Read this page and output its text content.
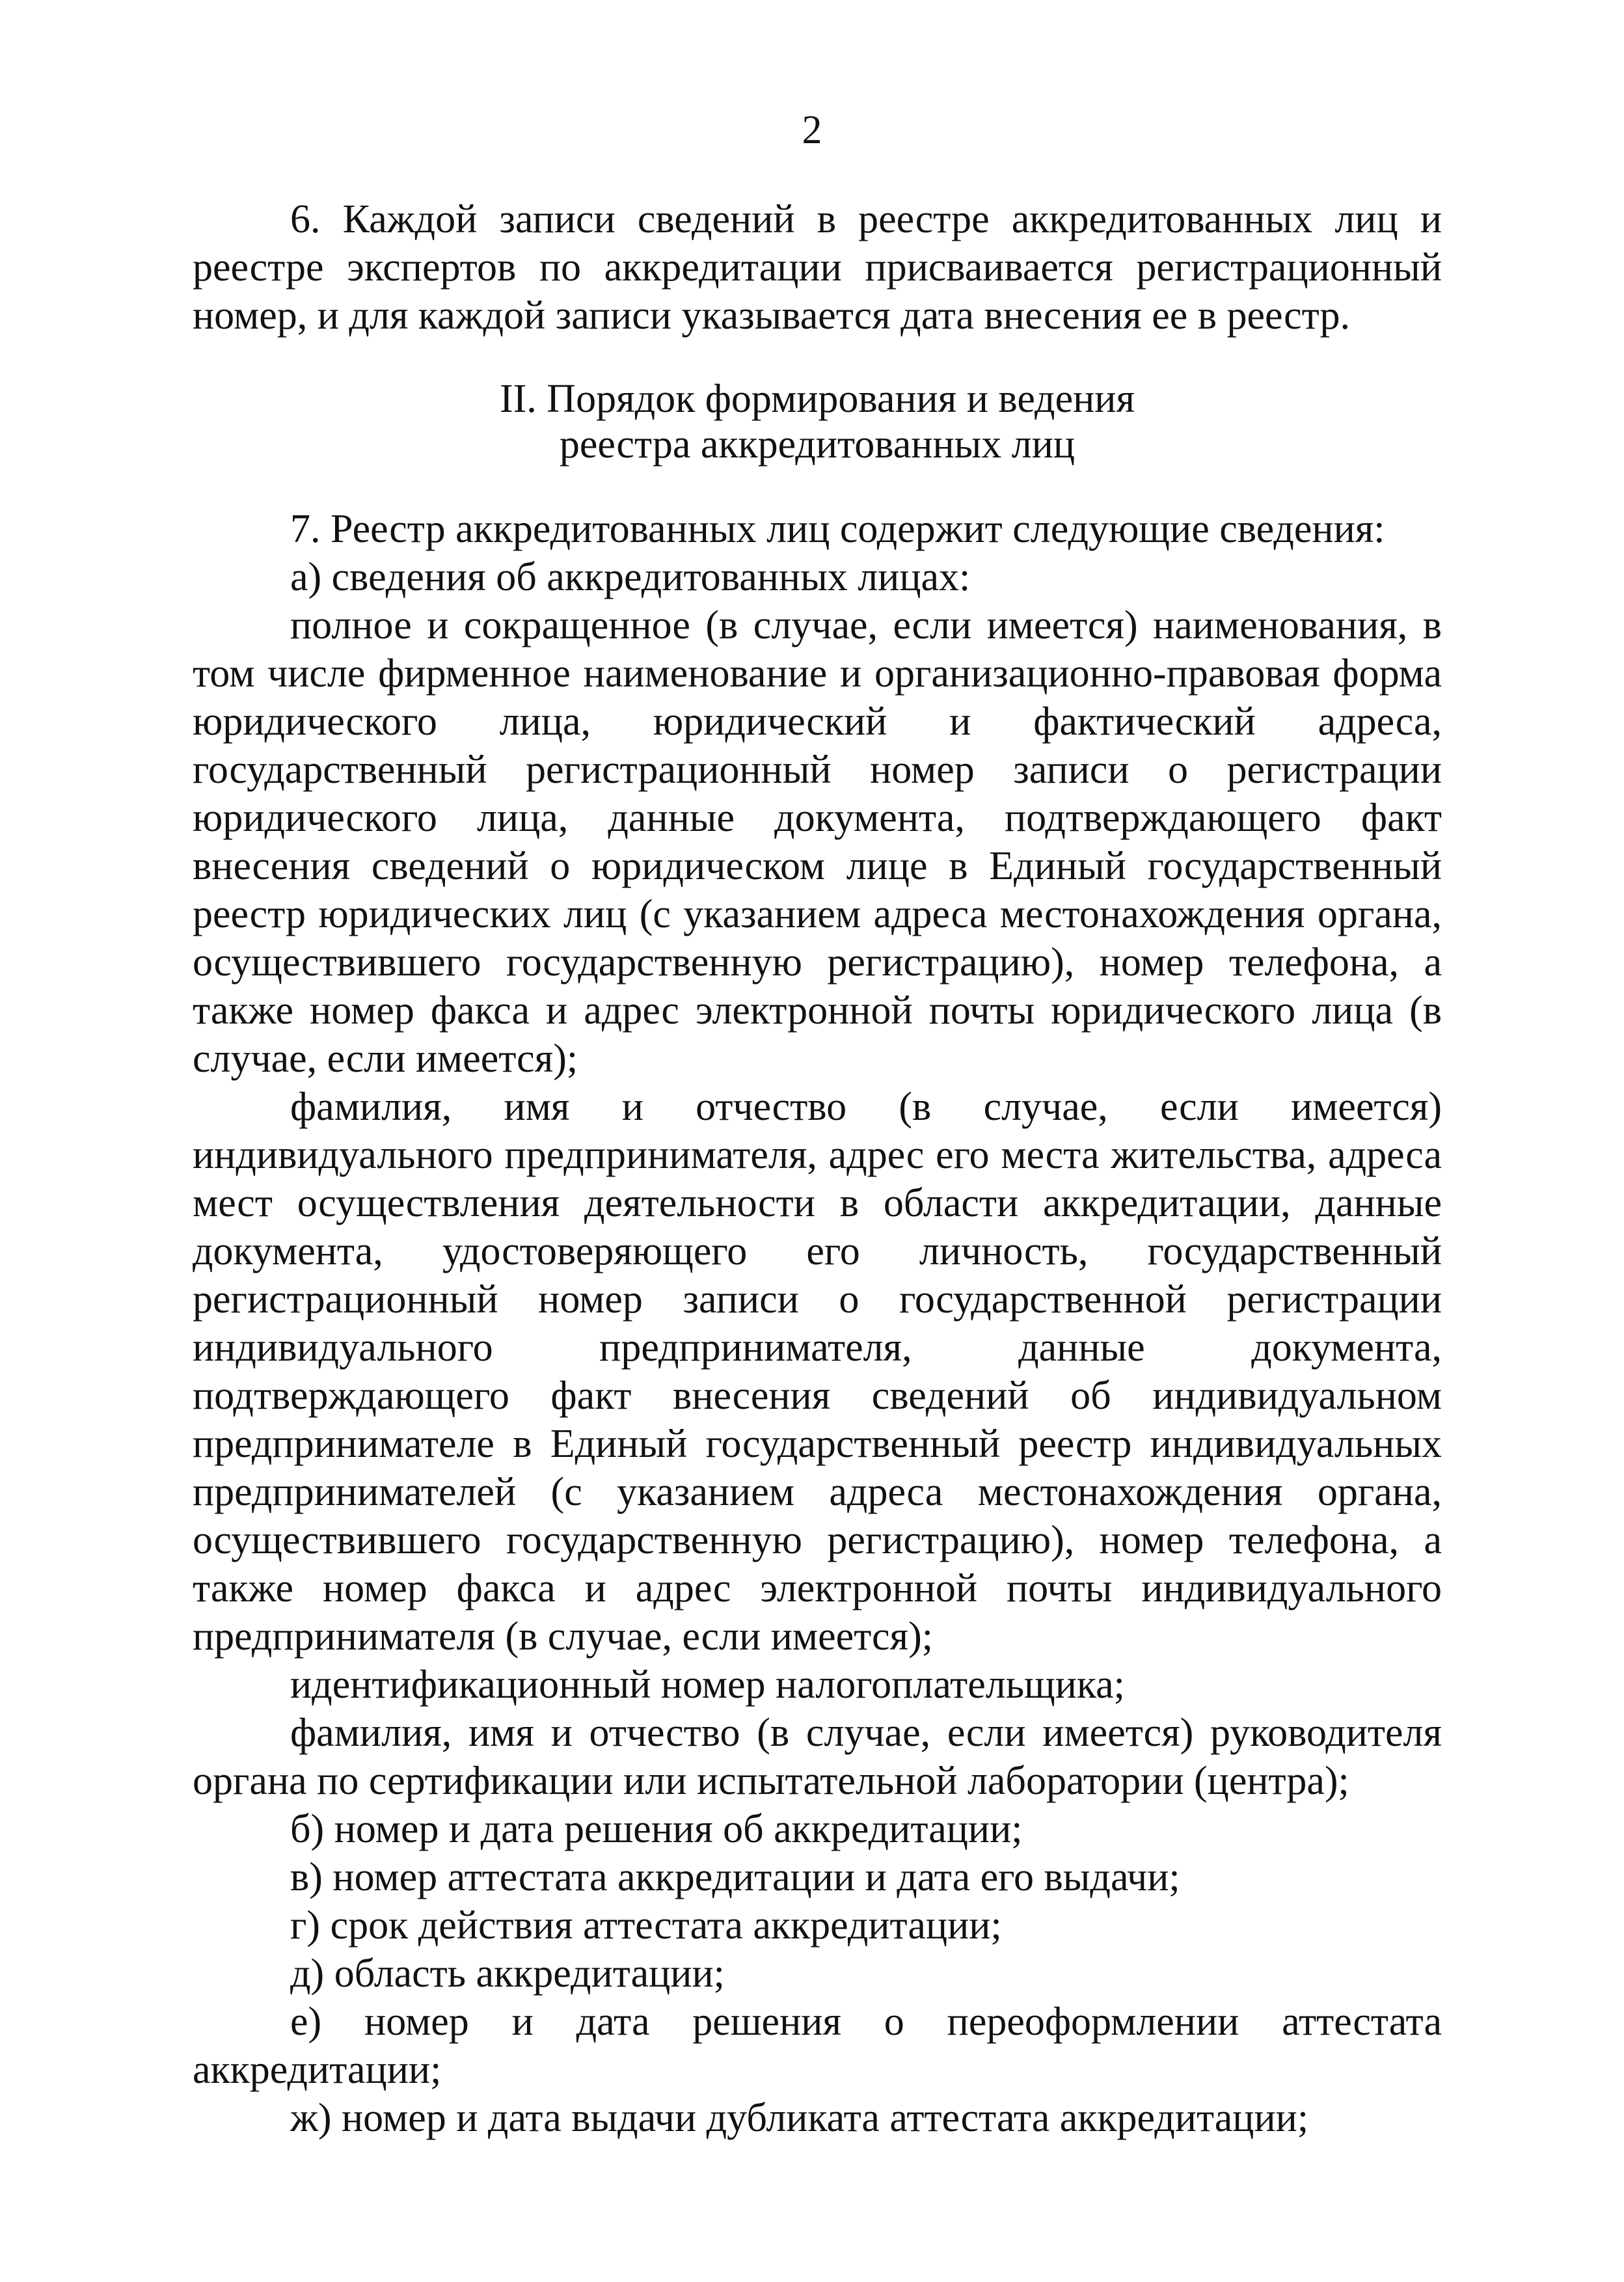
2

6. Каждой записи сведений в реестре аккредитованных лиц и реестре экспертов по аккредитации присваивается регистрационный номер, и для каждой записи указывается дата внесения ее в реестр.

II. Порядок формирования и ведения
реестра аккредитованных лиц

7. Реестр аккредитованных лиц содержит следующие сведения:

а) сведения об аккредитованных лицах:

полное и сокращенное (в случае, если имеется) наименования, в том числе фирменное наименование и организационно-правовая форма юридического лица, юридический и фактический адреса, государственный регистрационный номер записи о регистрации юридического лица, данные документа, подтверждающего факт внесения сведений о юридическом лице в Единый государственный реестр юридических лиц (с указанием адреса местонахождения органа, осуществившего государственную регистрацию), номер телефона, а также номер факса и адрес электронной почты юридического лица (в случае, если имеется);

фамилия, имя и отчество (в случае, если имеется) индивидуального предпринимателя, адрес его места жительства, адреса мест осуществления деятельности в области аккредитации, данные документа, удостоверяющего его личность, государственный регистрационный номер записи о государственной регистрации индивидуального предпринимателя, данные документа, подтверждающего факт внесения сведений об индивидуальном предпринимателе в Единый государственный реестр индивидуальных предпринимателей (с указанием адреса местонахождения органа, осуществившего государственную регистрацию), номер телефона, а также номер факса и адрес электронной почты индивидуального предпринимателя (в случае, если имеется);

идентификационный номер налогоплательщика;

фамилия, имя и отчество (в случае, если имеется) руководителя органа по сертификации или испытательной лаборатории (центра);

б) номер и дата решения об аккредитации;

в) номер аттестата аккредитации и дата его выдачи;

г) срок действия аттестата аккредитации;

д) область аккредитации;

е) номер и дата решения о переоформлении аттестата аккредитации;

ж) номер и дата выдачи дубликата аттестата аккредитации;
